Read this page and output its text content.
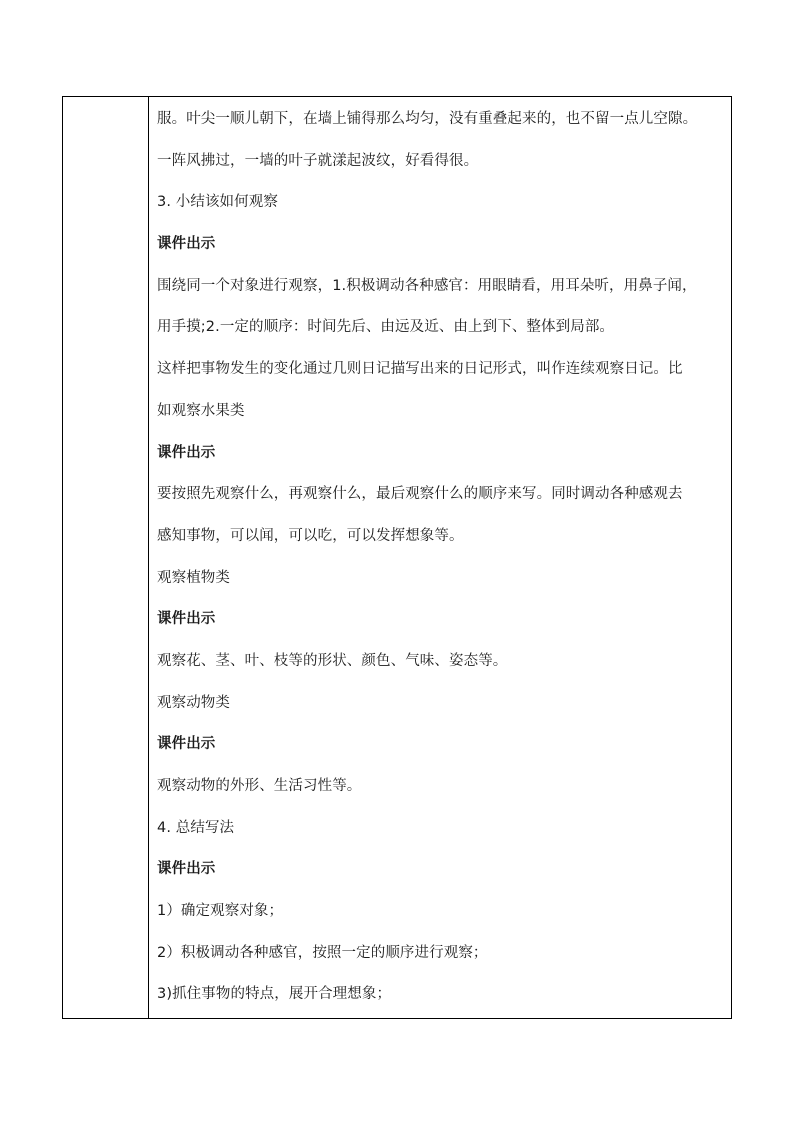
服。叶尖一顺儿朝下，在墙上铺得那么均匀，没有重叠起来的，也不留一点儿空隙。
一阵风拂过，一墙的叶子就漾起波纹，好看得很。
3. 小结该如何观察
课件出示
围绕同一个对象进行观察，1.积极调动各种感官：用眼睛看，用耳朵听，用鼻子闻，
用手摸;2.一定的顺序：时间先后、由远及近、由上到下、整体到局部。
这样把事物发生的变化通过几则日记描写出来的日记形式，叫作连续观察日记。比
如观察水果类
课件出示
要按照先观察什么，再观察什么，最后观察什么的顺序来写。同时调动各种感观去
感知事物，可以闻，可以吃，可以发挥想象等。
观察植物类
课件出示
观察花、茎、叶、枝等的形状、颜色、气味、姿态等。
观察动物类
课件出示
观察动物的外形、生活习性等。
4. 总结写法
课件出示
1）确定观察对象；
2）积极调动各种感官，按照一定的顺序进行观察；
3)抓住事物的特点，展开合理想象；
